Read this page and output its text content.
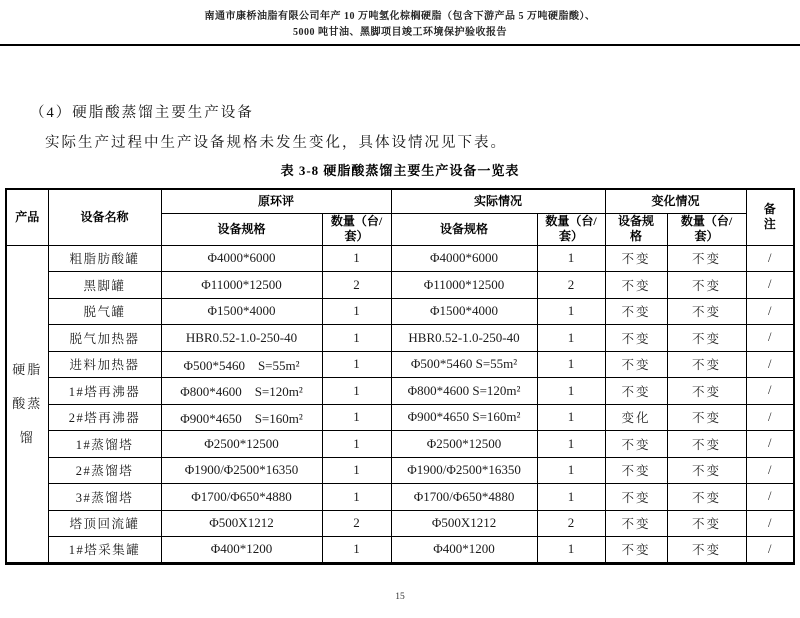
南通市康桥油脂有限公司年产 10 万吨氢化棕榈硬脂（包含下游产品 5 万吨硬脂酸）、
5000 吨甘油、黑脚项目竣工环境保护验收报告
（4）硬脂酸蒸馏主要生产设备
实际生产过程中生产设备规格未发生变化，具体设情况见下表。
表 3-8 硬脂酸蒸馏主要生产设备一览表
产品	设备名称	原环评		实际情况		变化情况		备注
		设备规格	数量（台/套）	设备规格	数量（台/套）	设备规格	数量（台/套）	
硬脂酸蒸馏	粗脂肪酸罐	Φ4000*6000	1	Φ4000*6000	1	不变	不变	/
	黑脚罐	Φ11000*12500	2	Φ11000*12500	2	不变	不变	/
	脱气罐	Φ1500*4000	1	Φ1500*4000	1	不变	不变	/
	脱气加热器	HBR0.52-1.0-250-40	1	HBR0.52-1.0-250-40	1	不变	不变	/
	进料加热器	Φ500*5460　S=55m²	1	Φ500*5460 S=55m²	1	不变	不变	/
	1#塔再沸器	Φ800*4600　S=120m²	1	Φ800*4600 S=120m²	1	不变	不变	/
	2#塔再沸器	Φ900*4650　S=160m²	1	Φ900*4650 S=160m²	1	变化	不变	/
	1#蒸馏塔	Φ2500*12500	1	Φ2500*12500	1	不变	不变	/
	2#蒸馏塔	Φ1900/Φ2500*16350	1	Φ1900/Φ2500*16350	1	不变	不变	/
	3#蒸馏塔	Φ1700/Φ650*4880	1	Φ1700/Φ650*4880	1	不变	不变	/
	塔顶回流罐	Φ500X1212	2	Φ500X1212	2	不变	不变	/
	1#塔采集罐	Φ400*1200	1	Φ400*1200	1	不变	不变	/
15
